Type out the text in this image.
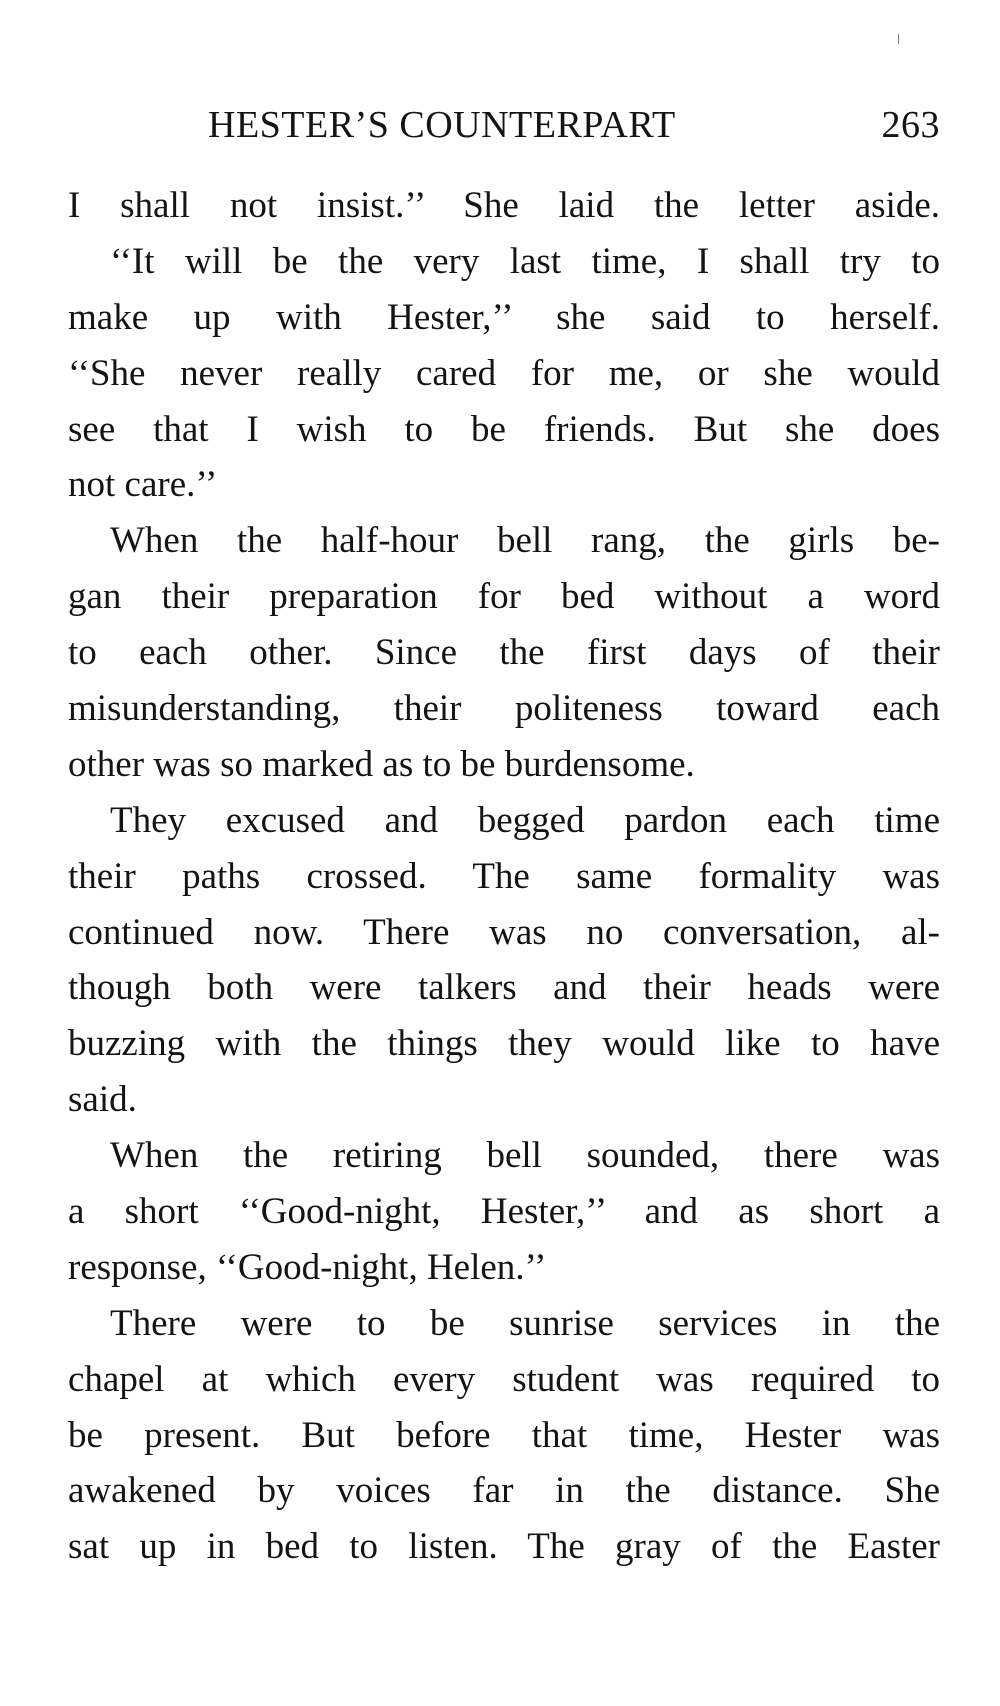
HESTER’S COUNTERPART	263
I shall not insist.’’ She laid the letter aside.
‘‘It will be the very last time, I shall try to
make up with Hester,’’ she said to herself.
‘‘She never really cared for me, or she would
see that I wish to be friends. But she does
not care.’’
When the half-hour bell rang, the girls be-
gan their preparation for bed without a word
to each other. Since the first days of their
misunderstanding, their politeness toward each
other was so marked as to be burdensome.
They excused and begged pardon each time
their paths crossed. The same formality was
continued now. There was no conversation, al-
though both were talkers and their heads were
buzzing with the things they would like to have
said.
When the retiring bell sounded, there was
a short ‘‘Good-night, Hester,’’ and as short a
response, ‘‘Good-night, Helen.’’
There were to be sunrise services in the
chapel at which every student was required to
be present. But before that time, Hester was
awakened by voices far in the distance. She
sat up in bed to listen. The gray of the Easter
